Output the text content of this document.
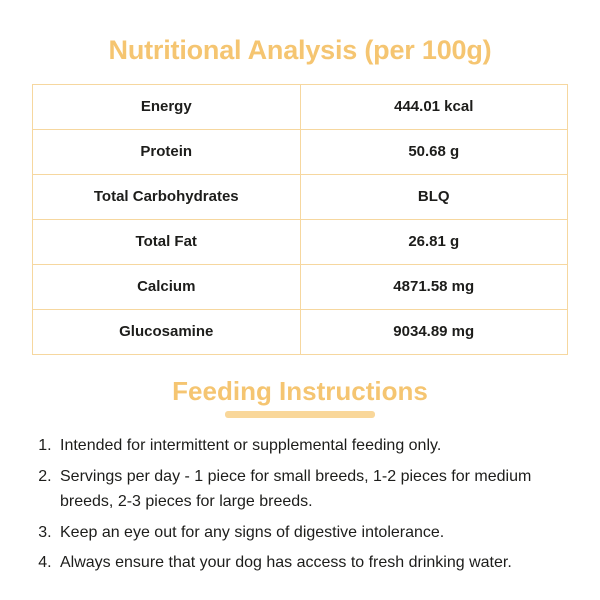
Nutritional Analysis (per 100g)
Energy	444.01 kcal
Protein	50.68 g
Total Carbohydrates	BLQ
Total Fat	26.81 g
Calcium	4871.58 mg
Glucosamine	9034.89 mg
Feeding Instructions
1. Intended for intermittent or supplemental feeding only.
2. Servings per day - 1 piece for small breeds, 1-2 pieces for medium breeds, 2-3 pieces for large breeds.
3. Keep an eye out for any signs of digestive intolerance.
4. Always ensure that your dog has access to fresh drinking water.
